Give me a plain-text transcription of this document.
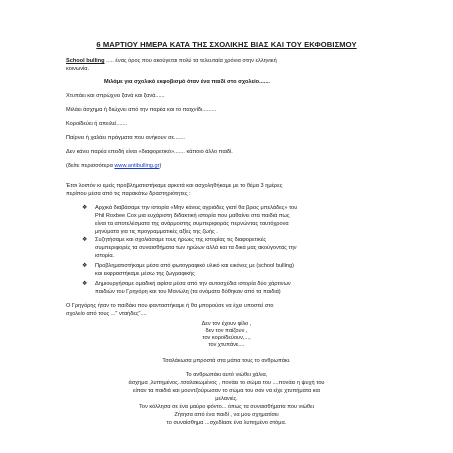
6 ΜΑΡΤΙΟΥ ΗΜΕΡΑ ΚΑΤΑ ΤΗΣ ΣΧΟΛΙΚΗΣ ΒΙΑΣ ΚΑΙ ΤΟΥ ΕΚΦΟΒΙΣΜΟΥ
School bulling ..... ένας όρος που ακούγεται πολύ τα τελευταία χρόνια στην ελληνική
κοινωνία.
Μιλάμε για σχολικό εκφοβισμό όταν ένα παιδί στο σχολείο.......
Χτυπάει και σπρώχνει ξανά και ξανά......
Μιλάει άσχημα ή διώχνει από την παρέα και το παιχνίδι.........
Κοροϊδεύει ή απειλεί.......
Παίρνει ή χαλάει πράγματα που ανήκουν σε.......
Δεν κάνει παρέα επειδή είναι «διαφορετικό»....... κάποιο άλλο παιδί.
(δείτε περισσότερα www.antibulling.gr)
Έτσι λοιπόν κι εμείς προβληματιστήκαμε αρκετά και ασχοληθήκαμε με το θέμα 3 ημέρες
περίπου μέσα από τις παρακάτω δραστηριότητες :
❖ Αρχικά διαβάσαμε την ιστορία «Μην κάνεις αγριάδες γιατί θα βρεις μπελάδες» του
Phil Roxbee Cox μια ευχάριστη διδακτική ιστορία που μαθαίνει στα παιδιά πως
είναι τα αποτελέσματα της ανάρμοστης συμπεριφοράς περνώντας ταυτόχρονα
μηνύματα για τις προγραμματικές αξίες της ζωής .
❖ Συζητήσαμε και σχολιάσαμε τους ήρωες της ιστορίας τις διαφορετικές
συμπεριφορές τα συναισθήματα των ηρώων αλλά και τα δικά μας ακούγοντας την
ιστορία.
❖ Προβληματιστήκαμε μέσα από φωτογραφικό υλικό και εικόνες με (school bulling)
και εκφραστήκαμε μέσω της ζωγραφικής
❖ Δημιουργήσαμε ομαδική αφίσα μέσα από την αυτοσχέδια ιστορία δύο χάρτινων
παιδιών του Γρηγόρη και του Μανώλη (τα ονόματα δόθηκαν από τα παιδιά)
Ο Γρηγόρης ήταν το παιδάκι που φανταστήκαμε ή θα μπορούσε να έχει υποστεί στο
σχολείο από τους ..." νταήδες"....
Δεν τον έχουν φίλο ,
δεν τον παίζουν ,
τον κοροϊδεύουν,...,
τον χτυπάνε....
Τσαλάκωσα μπροστά στα μάτια τους το ανθρωπάκι.
Το ανθρωπάκι αυτό νιώθει χάλια,
άσχημα ,λυπημένος..τσαλακωμένος , πονάει το σώμα του ....πονάει η ψυχή του
είπαν τα παιδιά και μουντζούρωσαν το σώμα του σαν να είχε χτυπήματα και
μελανιές.
Τον κόλλησα σε ένα μαύρο φόντο... όπως τα συναισθήματα που νιώθει
Ζήτησα από ένα παιδί , να μου σχηματίσει
το συναίσθημα ...σχεδίασε ένα λυπημένο στόμα.
